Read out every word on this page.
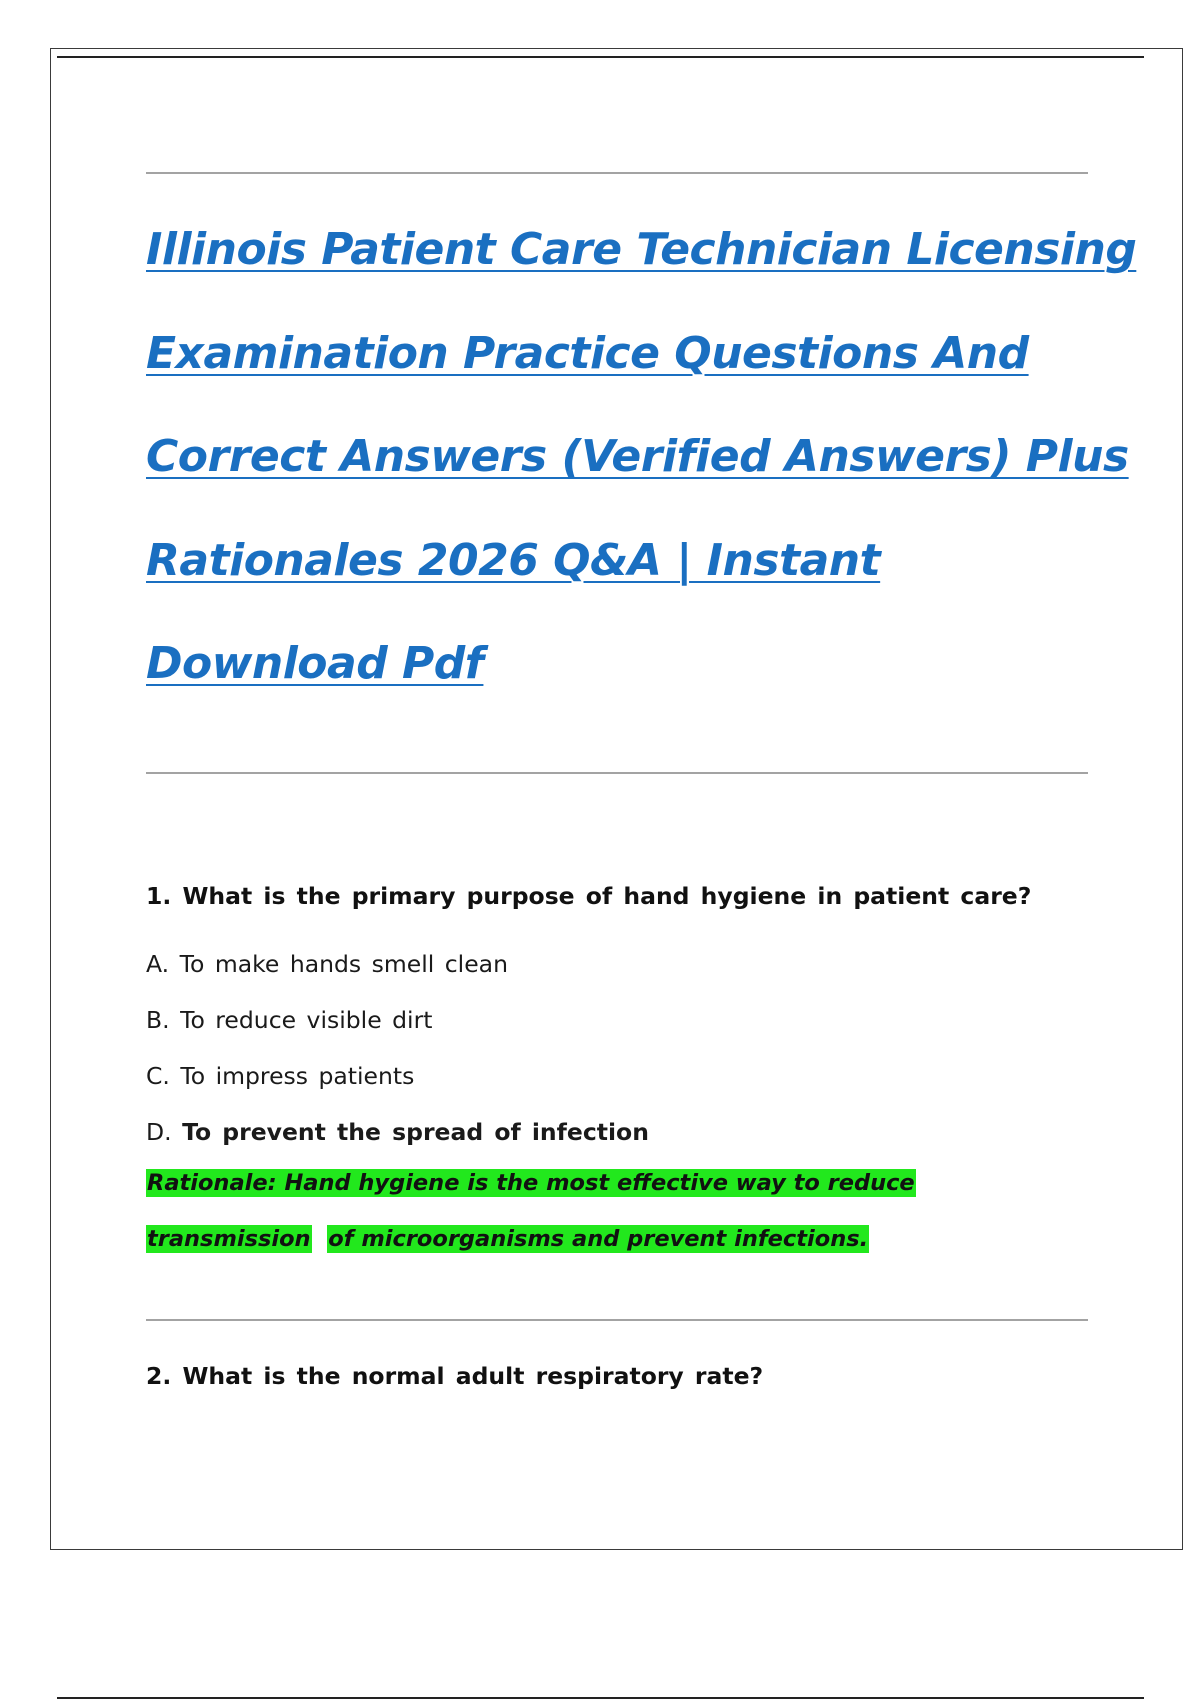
Illinois Patient Care Technician Licensing
Examination Practice Questions And
Correct Answers (Verified Answers) Plus
Rationales 2026 Q&A | Instant
Download Pdf
1. What is the primary purpose of hand hygiene in patient care?
A. To make hands smell clean
B. To reduce visible dirt
C. To impress patients
D. To prevent the spread of infection
Rationale: Hand hygiene is the most effective way to reduce
transmission of microorganisms and prevent infections.
2. What is the normal adult respiratory rate?
